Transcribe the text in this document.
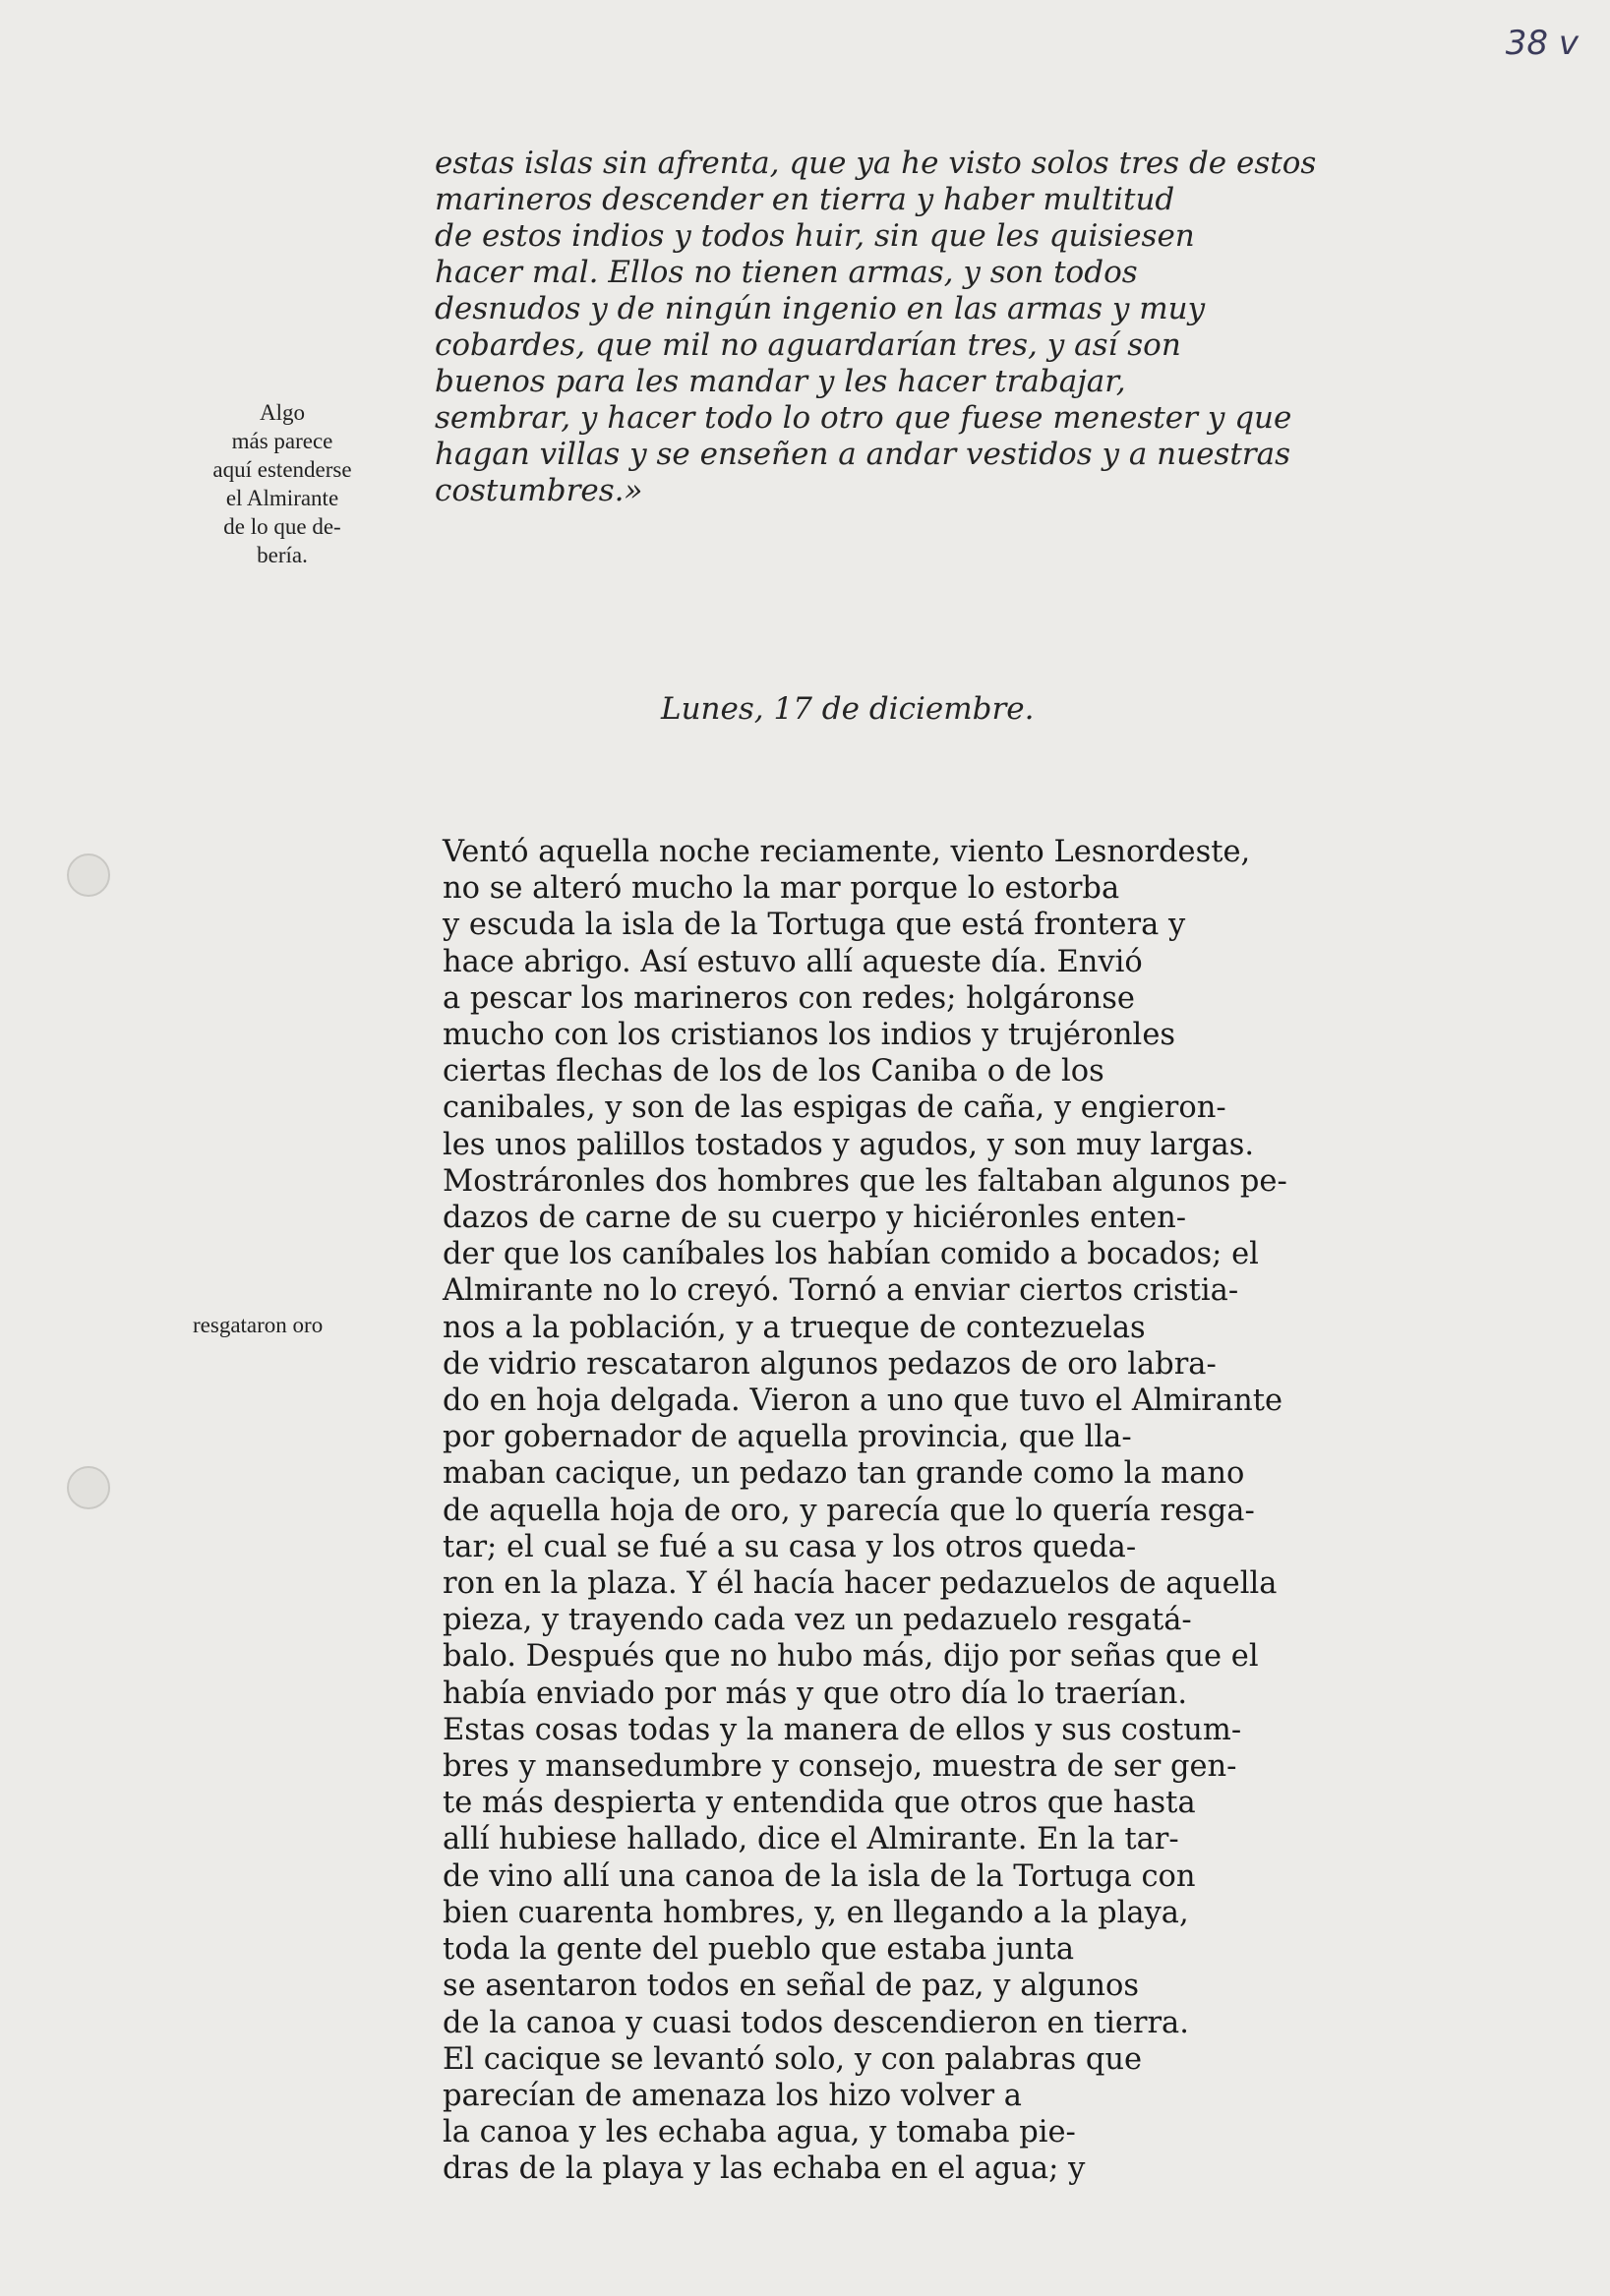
38 v
estas islas sin afrenta, que ya he visto solos tres de estos
marineros descender en tierra y haber multitud
de estos indios y todos huir, sin que les quisiesen
hacer mal. Ellos no tienen armas, y son todos
desnudos y de ningún ingenio en las armas y muy
cobardes, que mil no aguardarían tres, y así son
buenos para les mandar y les hacer trabajar,
sembrar, y hacer todo lo otro que fuese menester y que
hagan villas y se enseñen a andar vestidos y a nuestras
costumbres.»
Algo
más parece
aquí estenderse
el Almirante
de lo que de-
bería.
Lunes, 17 de diciembre.
resgataron oro
Ventó aquella noche reciamente, viento Lesnordeste,
no se alteró mucho la mar porque lo estorba
y escuda la isla de la Tortuga que está frontera y
hace abrigo. Así estuvo allí aqueste día. Envió
a pescar los marineros con redes; holgáronse
mucho con los cristianos los indios y trujéronles
ciertas flechas de los de los Caniba o de los
canibales, y son de las espigas de caña, y engieron-
les unos palillos tostados y agudos, y son muy largas.
Mostráronles dos hombres que les faltaban algunos pe-
dazos de carne de su cuerpo y hiciéronles enten-
der que los caníbales los habían comido a bocados; el
Almirante no lo creyó. Tornó a enviar ciertos cristia-
nos a la población, y a trueque de contezuelas
de vidrio rescataron algunos pedazos de oro labra-
do en hoja delgada. Vieron a uno que tuvo el Almirante
por gobernador de aquella provincia, que lla-
maban cacique, un pedazo tan grande como la mano
de aquella hoja de oro, y parecía que lo quería resga-
tar; el cual se fué a su casa y los otros queda-
ron en la plaza. Y él hacía hacer pedazuelos de aquella
pieza, y trayendo cada vez un pedazuelo resgatá-
balo. Después que no hubo más, dijo por señas que el
había enviado por más y que otro día lo traerían.
Estas cosas todas y la manera de ellos y sus costum-
bres y mansedumbre y consejo, muestra de ser gen-
te más despierta y entendida que otros que hasta
allí hubiese hallado, dice el Almirante. En la tar-
de vino allí una canoa de la isla de la Tortuga con
bien cuarenta hombres, y, en llegando a la playa,
toda la gente del pueblo que estaba junta
se asentaron todos en señal de paz, y algunos
de la canoa y cuasi todos descendieron en tierra.
El cacique se levantó solo, y con palabras que
parecían de amenaza los hizo volver a
la canoa y les echaba agua, y tomaba pie-
dras de la playa y las echaba en el agua; y
